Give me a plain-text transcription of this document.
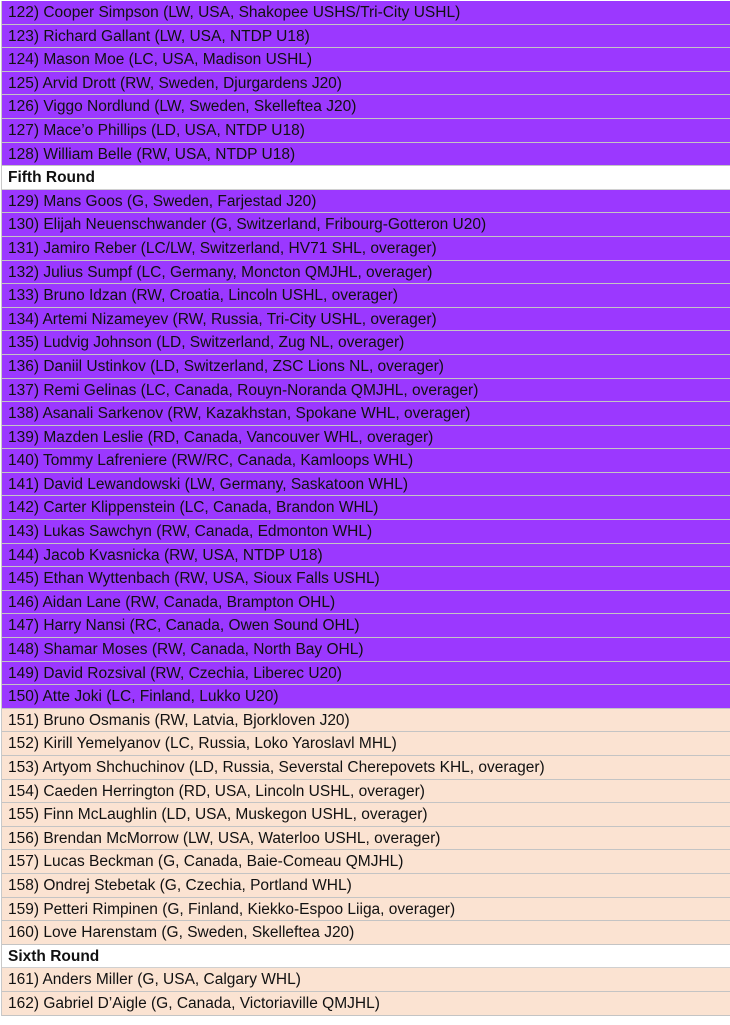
122) Cooper Simpson (LW, USA, Shakopee USHS/Tri-City USHL)
123) Richard Gallant (LW, USA, NTDP U18)
124) Mason Moe (LC, USA, Madison USHL)
125) Arvid Drott (RW, Sweden, Djurgardens J20)
126) Viggo Nordlund (LW, Sweden, Skelleftea J20)
127) Mace’o Phillips (LD, USA, NTDP U18)
128) William Belle (RW, USA, NTDP U18)
Fifth Round
129) Mans Goos (G, Sweden, Farjestad J20)
130) Elijah Neuenschwander (G, Switzerland, Fribourg-Gotteron U20)
131) Jamiro Reber (LC/LW, Switzerland, HV71 SHL, overager)
132) Julius Sumpf (LC, Germany, Moncton QMJHL, overager)
133) Bruno Idzan (RW, Croatia, Lincoln USHL, overager)
134) Artemi Nizameyev (RW, Russia, Tri-City USHL, overager)
135) Ludvig Johnson (LD, Switzerland, Zug NL, overager)
136) Daniil Ustinkov (LD, Switzerland, ZSC Lions NL, overager)
137) Remi Gelinas (LC, Canada, Rouyn-Noranda QMJHL, overager)
138) Asanali Sarkenov (RW, Kazakhstan, Spokane WHL, overager)
139) Mazden Leslie (RD, Canada, Vancouver WHL, overager)
140) Tommy Lafreniere (RW/RC, Canada, Kamloops WHL)
141) David Lewandowski (LW, Germany, Saskatoon WHL)
142) Carter Klippenstein (LC, Canada, Brandon WHL)
143) Lukas Sawchyn (RW, Canada, Edmonton WHL)
144) Jacob Kvasnicka (RW, USA, NTDP U18)
145) Ethan Wyttenbach (RW, USA, Sioux Falls USHL)
146) Aidan Lane (RW, Canada, Brampton OHL)
147) Harry Nansi (RC, Canada, Owen Sound OHL)
148) Shamar Moses (RW, Canada, North Bay OHL)
149) David Rozsival (RW, Czechia, Liberec U20)
150) Atte Joki (LC, Finland, Lukko U20)
151) Bruno Osmanis (RW, Latvia, Bjorkloven J20)
152) Kirill Yemelyanov (LC, Russia, Loko Yaroslavl MHL)
153) Artyom Shchuchinov (LD, Russia, Severstal Cherepovets KHL, overager)
154) Caeden Herrington (RD, USA, Lincoln USHL, overager)
155) Finn McLaughlin (LD, USA, Muskegon USHL, overager)
156) Brendan McMorrow (LW, USA, Waterloo USHL, overager)
157) Lucas Beckman (G, Canada, Baie-Comeau QMJHL)
158) Ondrej Stebetak (G, Czechia, Portland WHL)
159) Petteri Rimpinen (G, Finland, Kiekko-Espoo Liiga, overager)
160) Love Harenstam (G, Sweden, Skelleftea J20)
Sixth Round
161) Anders Miller (G, USA, Calgary WHL)
162) Gabriel D’Aigle (G, Canada, Victoriaville QMJHL)
